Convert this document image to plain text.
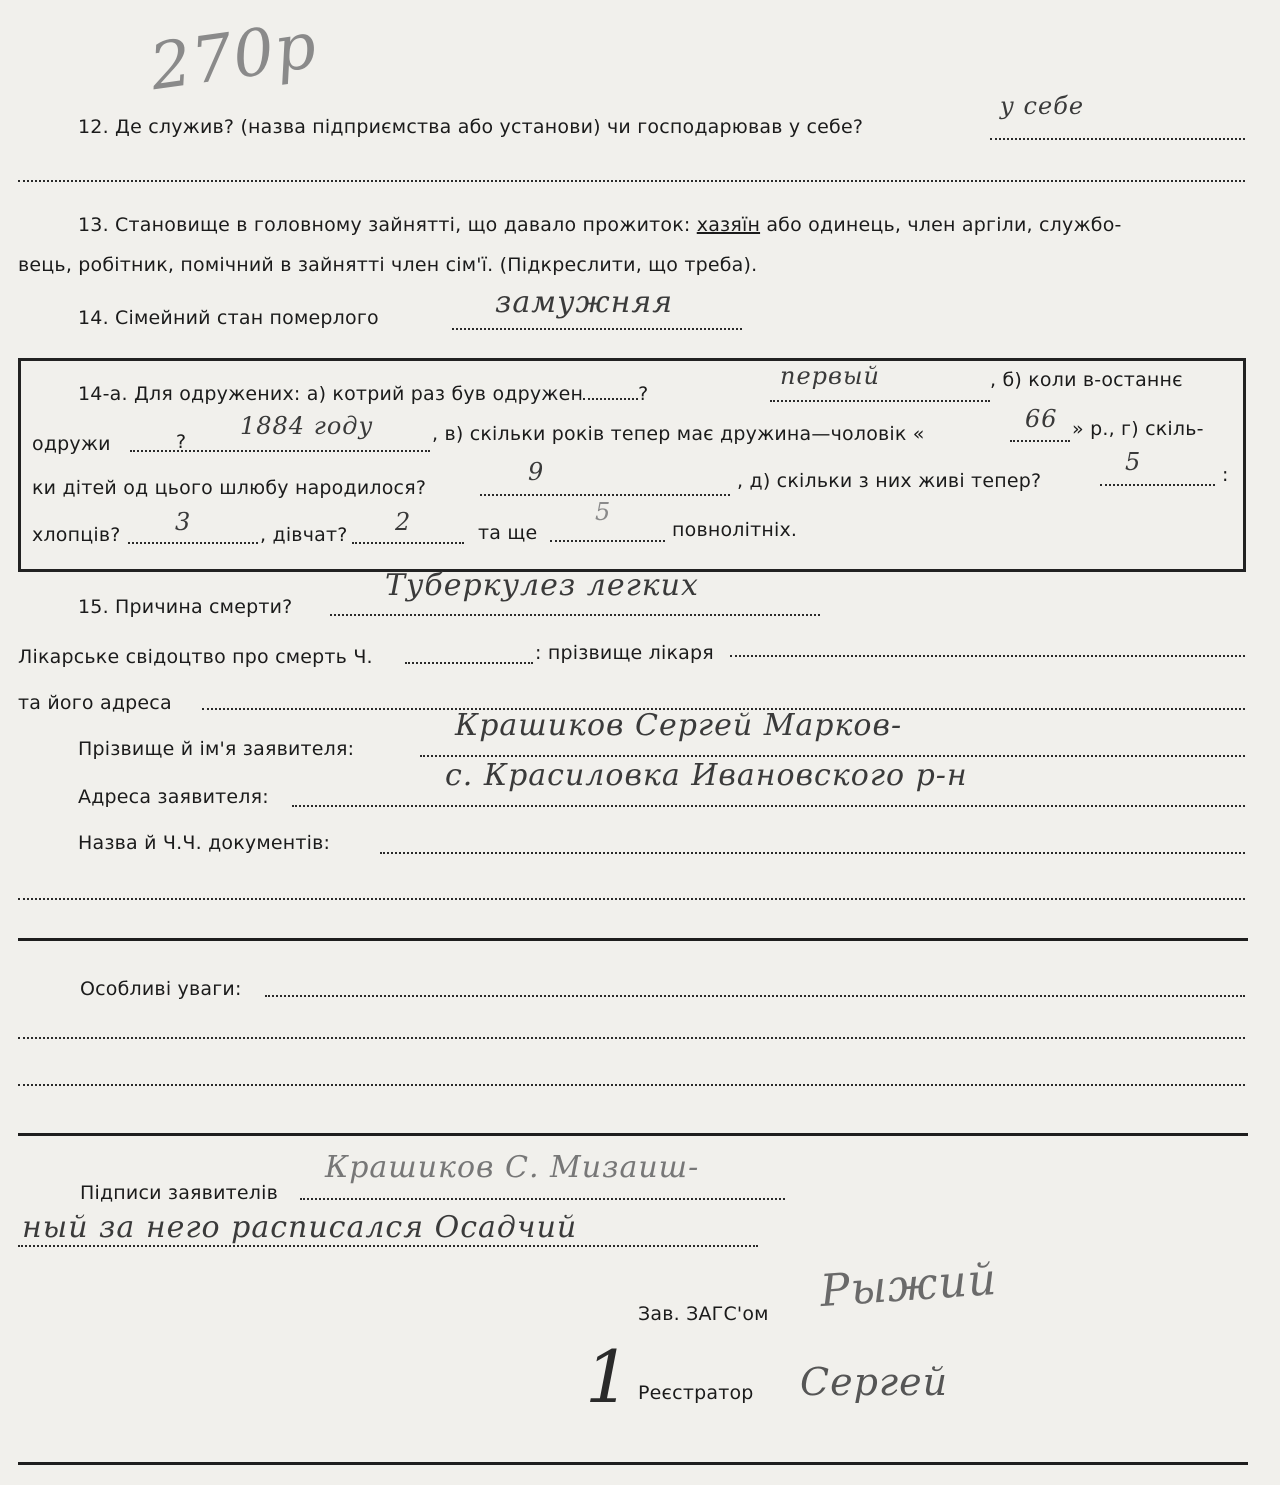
270р
12. Де служив? (назва підприємства або установи) чи господарював у себе?
у себе
13. Становище в головному зайнятті, що давало прожиток: хазяїн або одинець, член аргіли, службо-
вець, робітник, помічний в зайнятті член сім'ї. (Підкреслити, що треба).
14. Сімейний стан померлого	замужняя
14-а. Для одружених: а) котрий раз був одружен	?
первый	, б) коли в-останнє
одружи	?
1884 году	, в) скільки років тепер має дружина—чоловік «
66 » р., г) скіль-
ки дітей од цього шлюбу народилося?
9	, д) скільки з них живі тепер?
5	:
хлопців? 3	, дівчат? 2	та ще
5
повнолітніх.
15. Причина смерти?
Туберкулез легких
Лікарське свідоцтво про смерть Ч.	: прізвище лікаря
та його адреса
Прізвище й ім'я заявителя:
Крашиков Сергей Марков-
Адреса заявителя:
с. Красиловка Ивановского р-н
Назва й Ч.Ч. документів:
Особливі уваги:
Підписи заявителів
Крашиков С. Мизаиш-
ный за него расписался Осадчий
Зав. ЗАГС'ом Рыжий
1 Реєстратор Сергей
